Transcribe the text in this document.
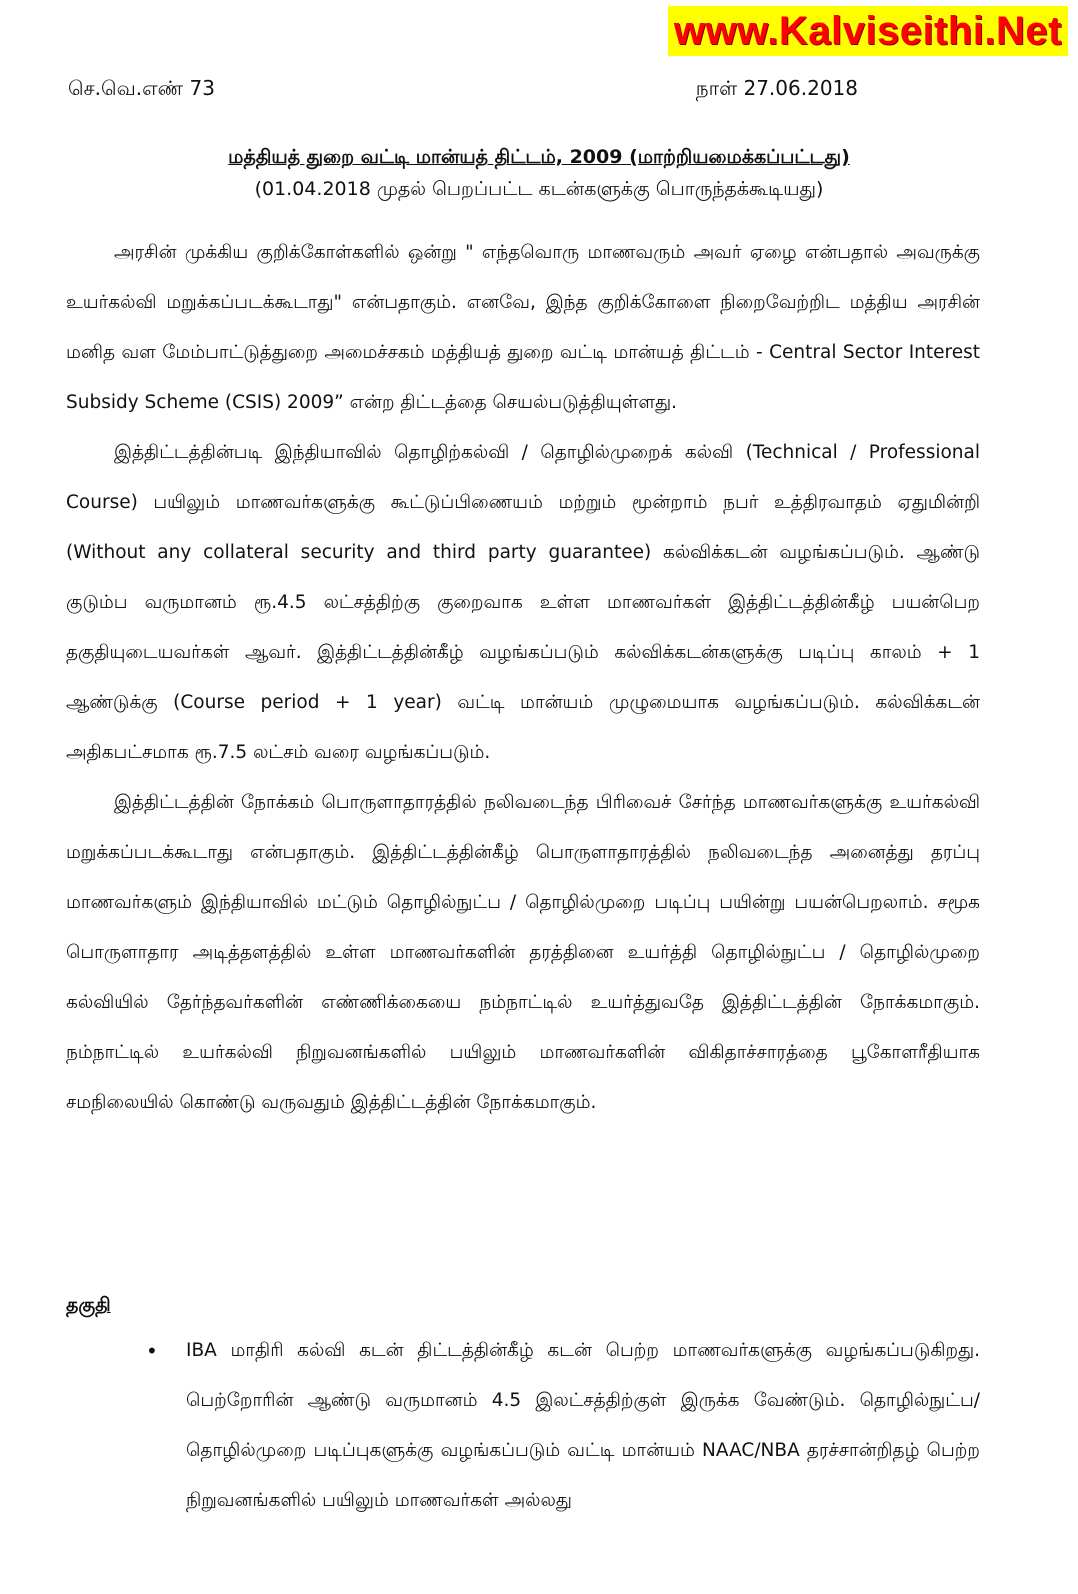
www.Kalviseithi.Net
செ.வெ.எண் 73	நாள் 27.06.2018
மத்தியத் துறை வட்டி மான்யத் திட்டம், 2009 (மாற்றியமைக்கப்பட்டது)
(01.04.2018 முதல் பெறப்பட்ட கடன்களுக்கு பொருந்தக்கூடியது)

அரசின் முக்கிய குறிக்கோள்களில் ஒன்று " எந்தவொரு மாணவரும் அவர் ஏழை என்பதால் அவருக்கு உயர்கல்வி மறுக்கப்படக்கூடாது" என்பதாகும். எனவே, இந்த குறிக்கோளை நிறைவேற்றிட மத்திய அரசின் மனித வள மேம்பாட்டுத்துறை அமைச்சகம் மத்தியத் துறை வட்டி மான்யத் திட்டம் - Central Sector Interest Subsidy Scheme (CSIS) 2009” என்ற திட்டத்தை செயல்படுத்தியுள்ளது.

இத்திட்டத்தின்படி இந்தியாவில் தொழிற்கல்வி / தொழில்முறைக் கல்வி (Technical / Professional Course) பயிலும் மாணவர்களுக்கு கூட்டுப்பிணையம் மற்றும் மூன்றாம் நபர் உத்திரவாதம் ஏதுமின்றி (Without any collateral security and third party guarantee) கல்விக்கடன் வழங்கப்படும். ஆண்டு குடும்ப வருமானம் ரூ.4.5 லட்சத்திற்கு குறைவாக உள்ள மாணவர்கள் இத்திட்டத்தின்கீழ் பயன்பெற தகுதியுடையவர்கள் ஆவர். இத்திட்டத்தின்கீழ் வழங்கப்படும் கல்விக்கடன்களுக்கு படிப்பு காலம் + 1 ஆண்டுக்கு (Course period + 1 year) வட்டி மான்யம் முழுமையாக வழங்கப்படும். கல்விக்கடன் அதிகபட்சமாக ரூ.7.5 லட்சம் வரை வழங்கப்படும்.

இத்திட்டத்தின் நோக்கம் பொருளாதாரத்தில் நலிவடைந்த பிரிவைச் சேர்ந்த மாணவர்களுக்கு உயர்கல்வி மறுக்கப்படக்கூடாது என்பதாகும். இத்திட்டத்தின்கீழ் பொருளாதாரத்தில் நலிவடைந்த அனைத்து தரப்பு மாணவர்களும் இந்தியாவில் மட்டும் தொழில்நுட்ப / தொழில்முறை படிப்பு பயின்று பயன்பெறலாம். சமூக பொருளாதார அடித்தளத்தில் உள்ள மாணவர்களின் தரத்தினை உயர்த்தி தொழில்நுட்ப / தொழில்முறை கல்வியில் தேர்ந்தவர்களின் எண்ணிக்கையை நம்நாட்டில் உயர்த்துவதே இத்திட்டத்தின் நோக்கமாகும். நம்நாட்டில் உயர்கல்வி நிறுவனங்களில் பயிலும் மாணவர்களின் விகிதாச்சாரத்தை பூகோளரீதியாக சமநிலையில் கொண்டு வருவதும் இத்திட்டத்தின் நோக்கமாகும்.

தகுதி
•	IBA மாதிரி கல்வி கடன் திட்டத்தின்கீழ் கடன் பெற்ற மாணவர்களுக்கு வழங்கப்படுகிறது. பெற்றோரின் ஆண்டு வருமானம் 4.5 இலட்சத்திற்குள் இருக்க வேண்டும். தொழில்நுட்ப/ தொழில்முறை படிப்புகளுக்கு வழங்கப்படும் வட்டி மான்யம் NAAC/NBA தரச்சான்றிதழ் பெற்ற நிறுவனங்களில் பயிலும் மாணவர்கள் அல்லது
